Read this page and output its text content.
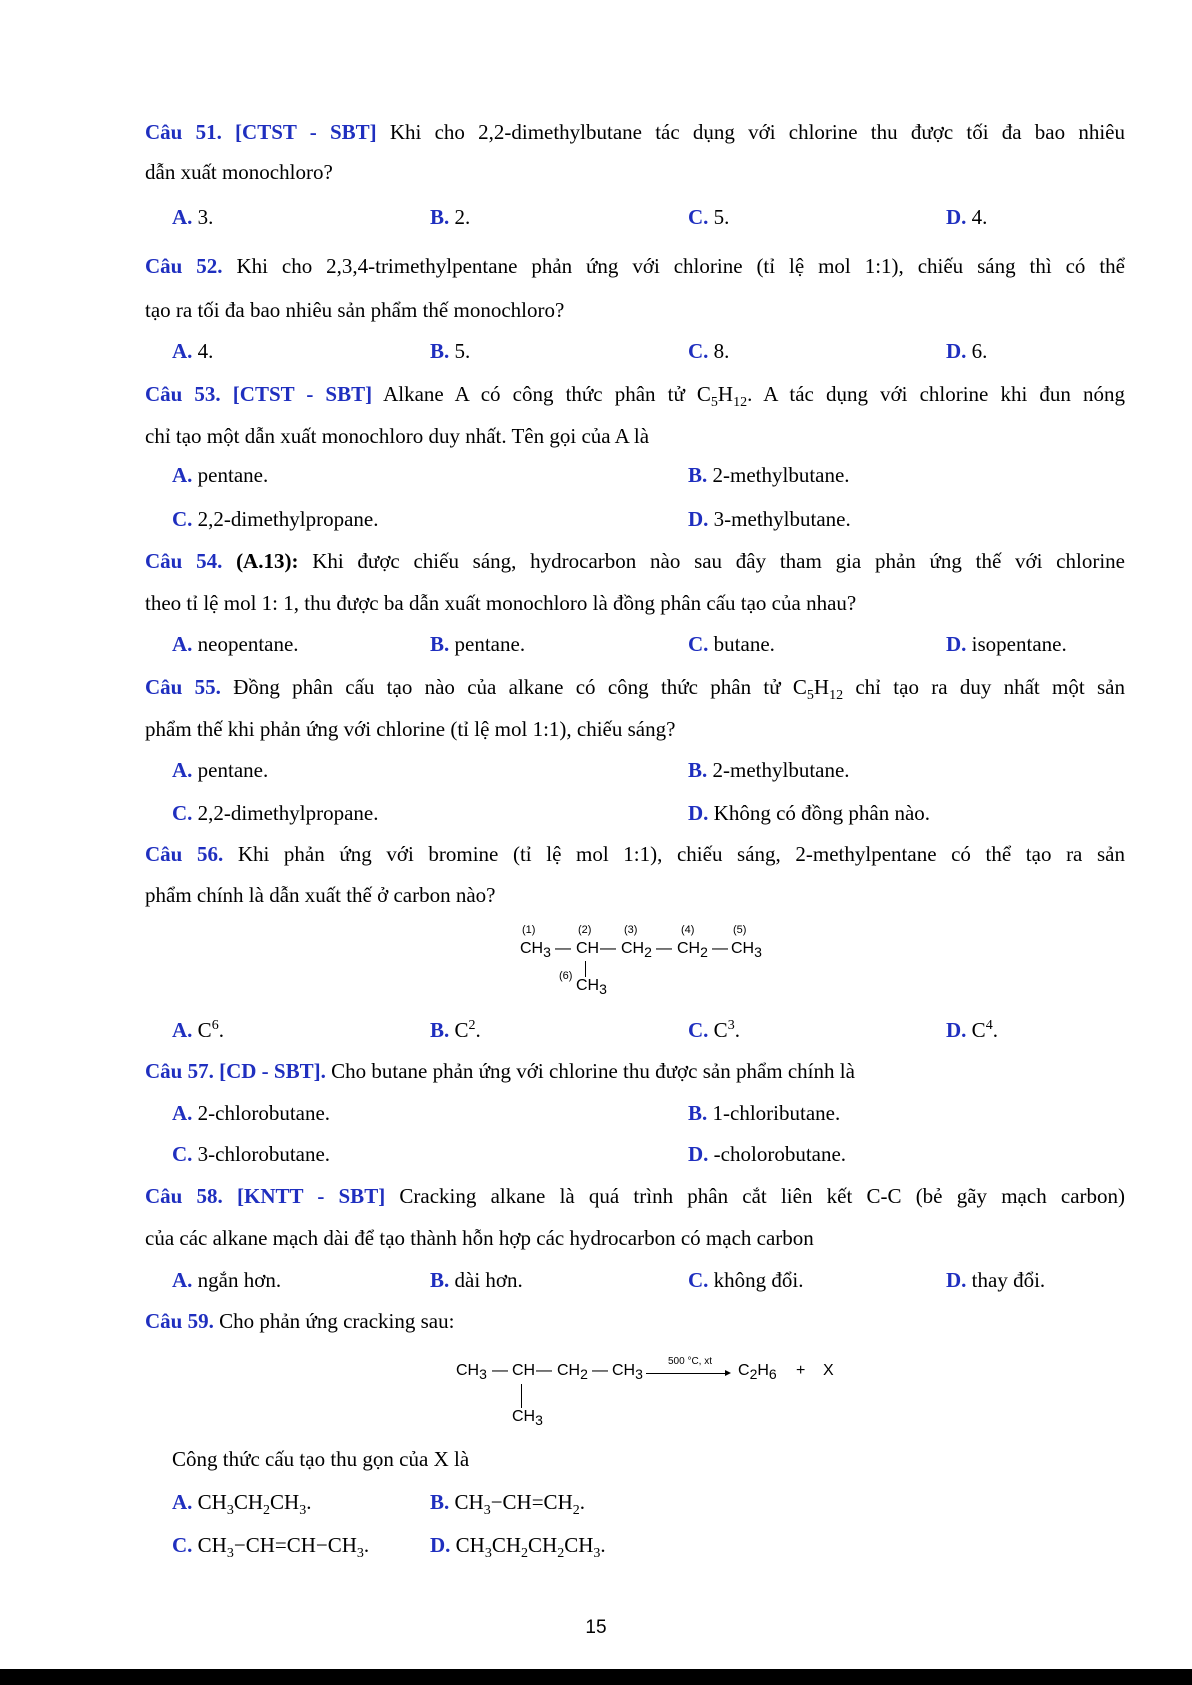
Câu 51. [CTST - SBT] Khi cho 2,2-dimethylbutane tác dụng với chlorine thu được tối đa bao nhiêu
dẫn xuất monochloro?
A. 3.	B. 2.	C. 5.	D. 4.
Câu 52. Khi cho 2,3,4-trimethylpentane phản ứng với chlorine (tỉ lệ mol 1:1), chiếu sáng thì có thể
tạo ra tối đa bao nhiêu sản phẩm thế monochloro?
A. 4.	B. 5.	C. 8.	D. 6.
Câu 53. [CTST - SBT] Alkane A có công thức phân tử $C_5H_{12}$. A tác dụng với chlorine khi đun nóng
chỉ tạo một dẫn xuất monochloro duy nhất. Tên gọi của A là
A. pentane.	B. 2-methylbutane.
C. 2,2-dimethylpropane.	D. 3-methylbutane.
Câu 54. (A.13): Khi được chiếu sáng, hydrocarbon nào sau đây tham gia phản ứng thế với chlorine
theo tỉ lệ mol 1: 1, thu được ba dẫn xuất monochloro là đồng phân cấu tạo của nhau?
A. neopentane.	B. pentane.	C. butane.	D. isopentane.
Câu 55. Đồng phân cấu tạo nào của alkane có công thức phân tử $C_5H_{12}$ chỉ tạo ra duy nhất một sản
phẩm thế khi phản ứng với chlorine (tỉ lệ mol 1:1), chiếu sáng?
A. pentane.	B. 2-methylbutane.
C. 2,2-dimethylpropane.	D. Không có đồng phân nào.
Câu 56. Khi phản ứng với bromine (tỉ lệ mol 1:1), chiếu sáng, 2-methylpentane có thể tạo ra sản
phẩm chính là dẫn xuất thế ở carbon nào?
(1)	(2)	(3)	(4)	(5)
$CH_3$ — CH — $CH_2$ — $CH_2$ — $CH_3$
(6)
$CH_3$
A. $C^6$.	B. $C^2$.	C. $C^3$.	D. $C^4$.
Câu 57. [CD - SBT]. Cho butane phản ứng với chlorine thu được sản phẩm chính là
A. 2-chlorobutane.	B. 1-chloributane.
C. 3-chlorobutane.	D. -cholorobutane.
Câu 58. [KNTT - SBT] Cracking alkane là quá trình phân cắt liên kết C-C (bẻ gãy mạch carbon)
của các alkane mạch dài để tạo thành hỗn hợp các hydrocarbon có mạch carbon
A. ngắn hơn.	B. dài hơn.	C. không đổi.	D. thay đổi.
Câu 59. Cho phản ứng cracking sau:
$CH_3$ — CH — $CH_2$ — $CH_3$
$CH_3$
500 °C, xt
$C_2H_6 + X$
Công thức cấu tạo thu gọn của X là
A. $CH_3CH_2CH_3$.	B. $CH_3-CH=CH_2$.
C. $CH_3-CH=CH-CH_3$.	D. $CH_3CH_2CH_2CH_3$.
15
